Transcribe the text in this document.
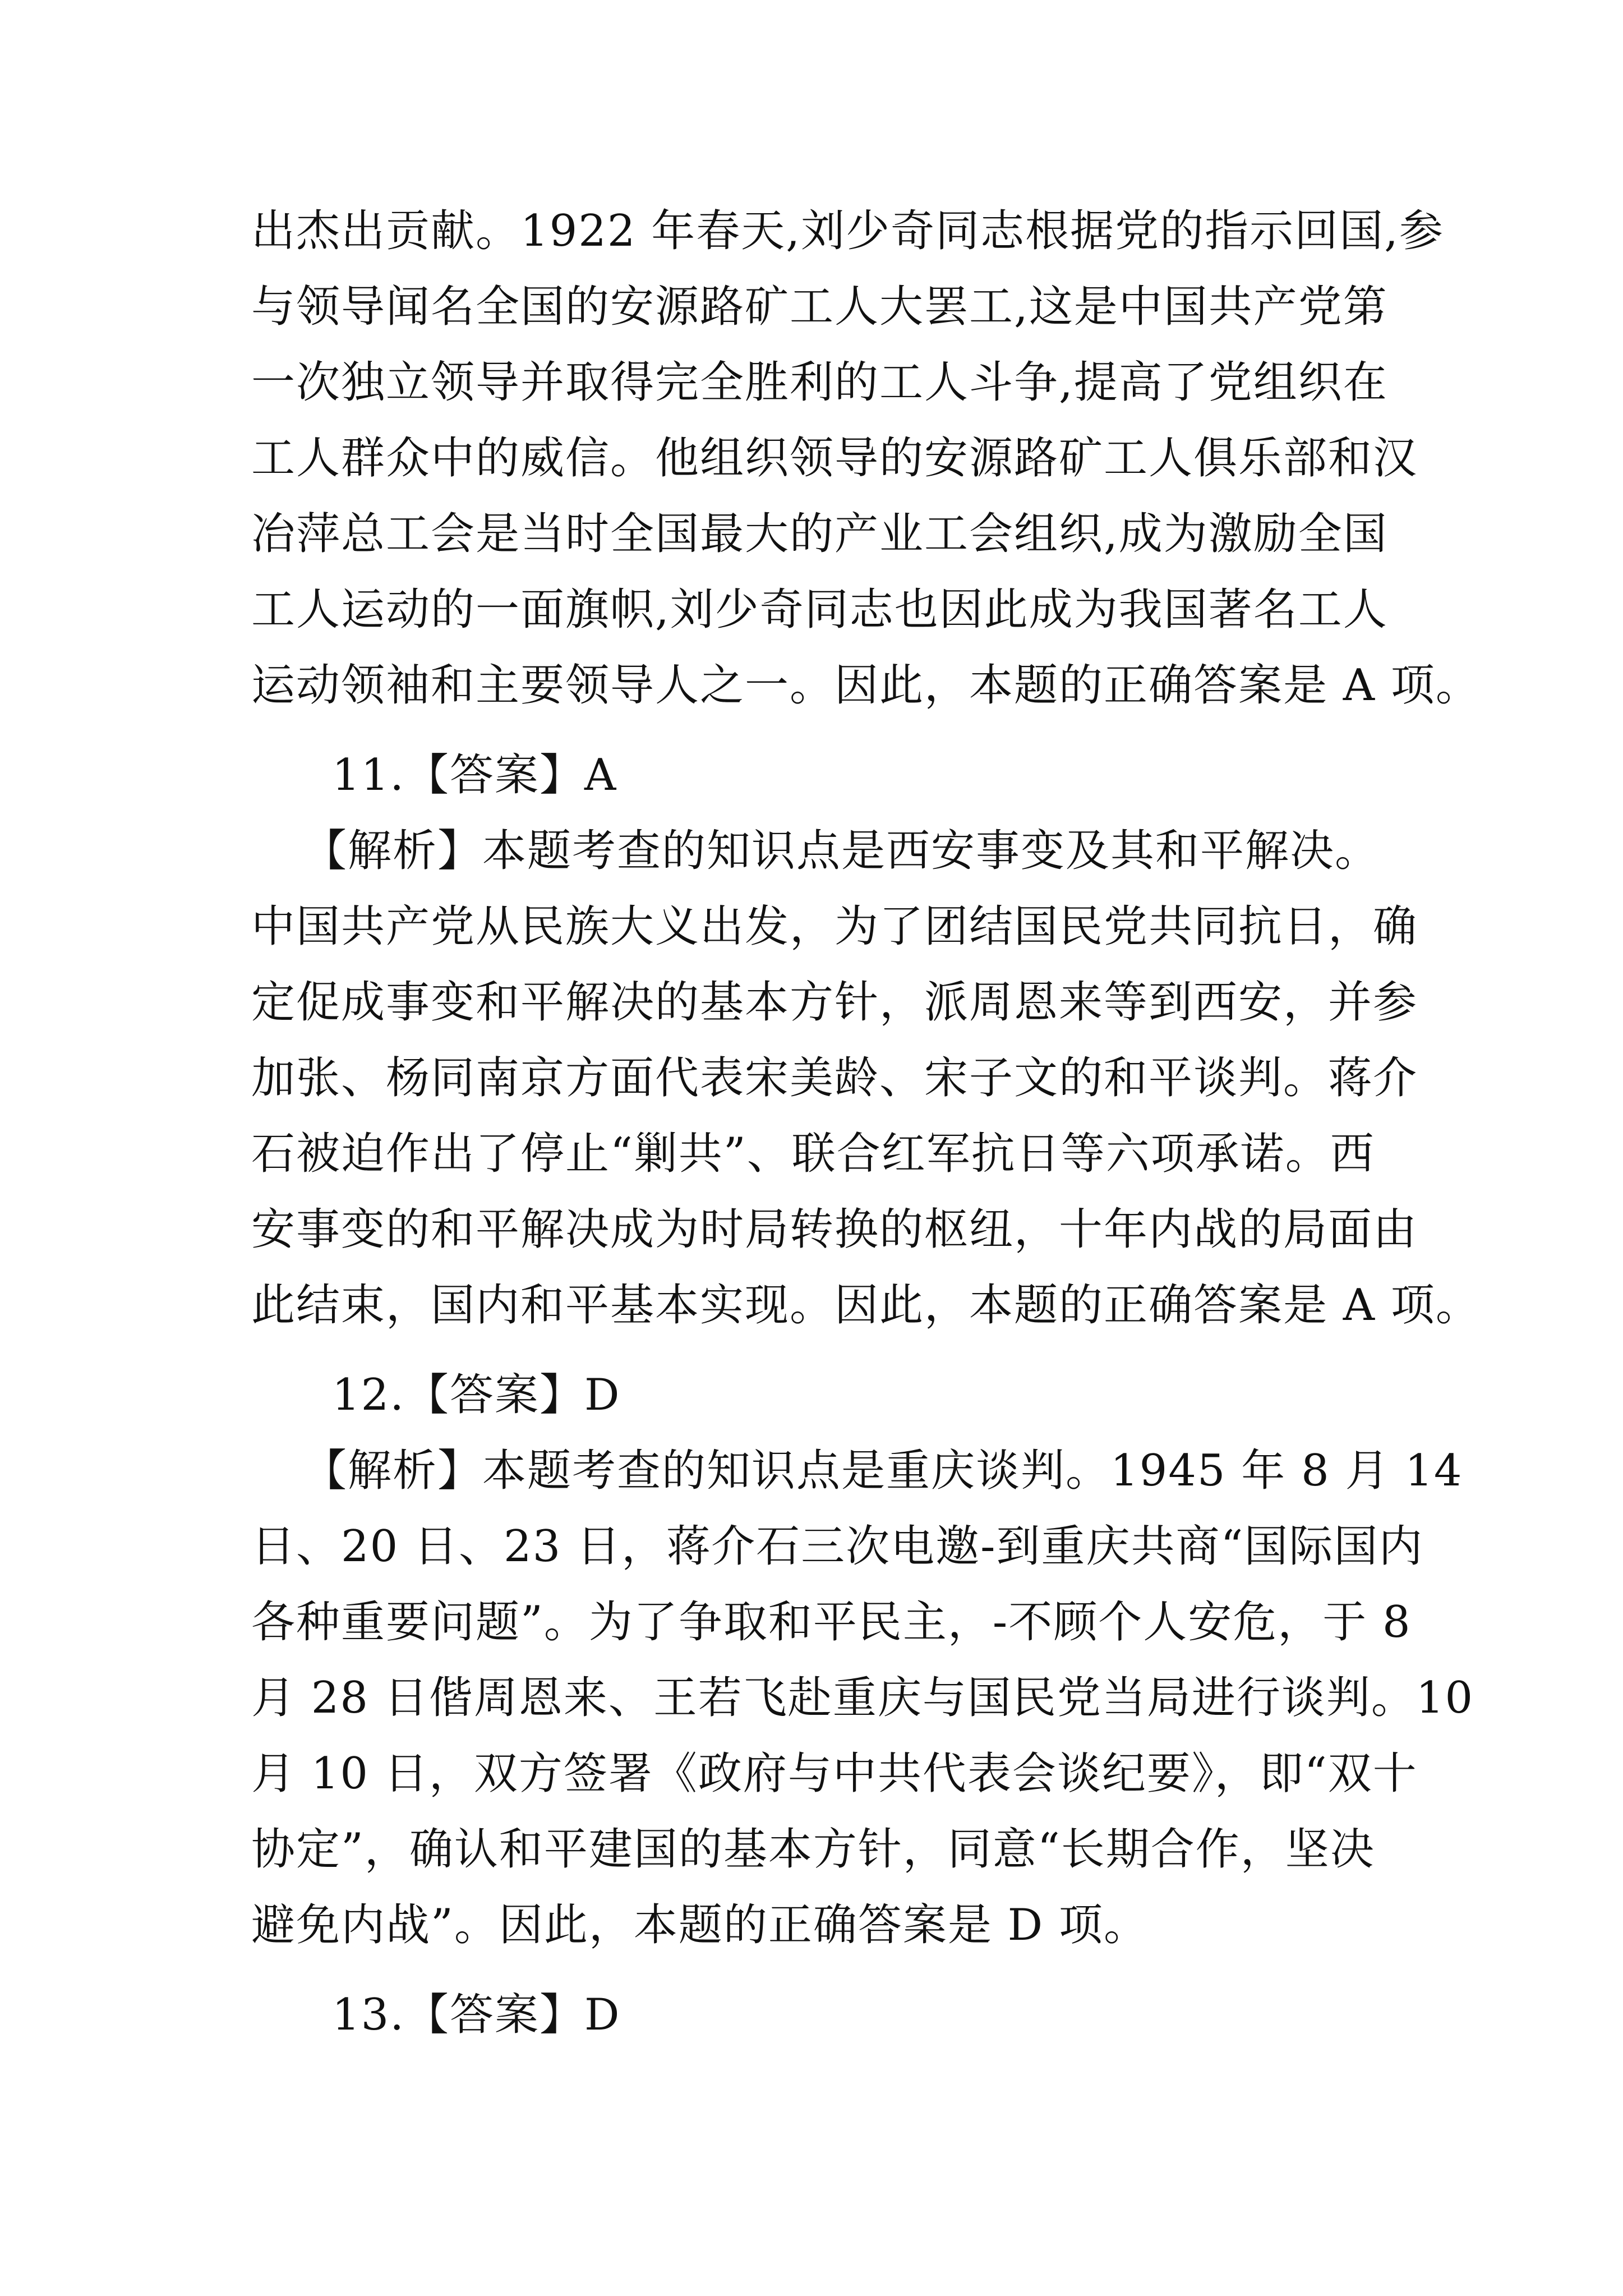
出杰出贡献。1922 年春天,刘少奇同志根据党的指示回国,参
与领导闻名全国的安源路矿工人大罢工,这是中国共产党第
一次独立领导并取得完全胜利的工人斗争,提高了党组织在
工人群众中的威信。他组织领导的安源路矿工人俱乐部和汉
冶萍总工会是当时全国最大的产业工会组织,成为激励全国
工人运动的一面旗帜,刘少奇同志也因此成为我国著名工人
运动领袖和主要领导人之一。因此，本题的正确答案是 A 项。
11.【答案】A
【解析】本题考查的知识点是西安事变及其和平解决。
中国共产党从民族大义出发，为了团结国民党共同抗日，确
定促成事变和平解决的基本方针，派周恩来等到西安，并参
加张、杨同南京方面代表宋美龄、宋子文的和平谈判。蒋介
石被迫作出了停止“剿共”、联合红军抗日等六项承诺。西
安事变的和平解决成为时局转换的枢纽，十年内战的局面由
此结束，国内和平基本实现。因此，本题的正确答案是 A 项。
12.【答案】D
【解析】本题考查的知识点是重庆谈判。1945 年 8 月 14
日、20 日、23 日，蒋介石三次电邀-到重庆共商“国际国内
各种重要问题”。为了争取和平民主，-不顾个人安危，于 8
月 28 日偕周恩来、王若飞赴重庆与国民党当局进行谈判。10
月 10 日，双方签署《政府与中共代表会谈纪要》，即“双十
协定”，确认和平建国的基本方针，同意“长期合作，坚决
避免内战”。因此，本题的正确答案是 D 项。
13.【答案】D
